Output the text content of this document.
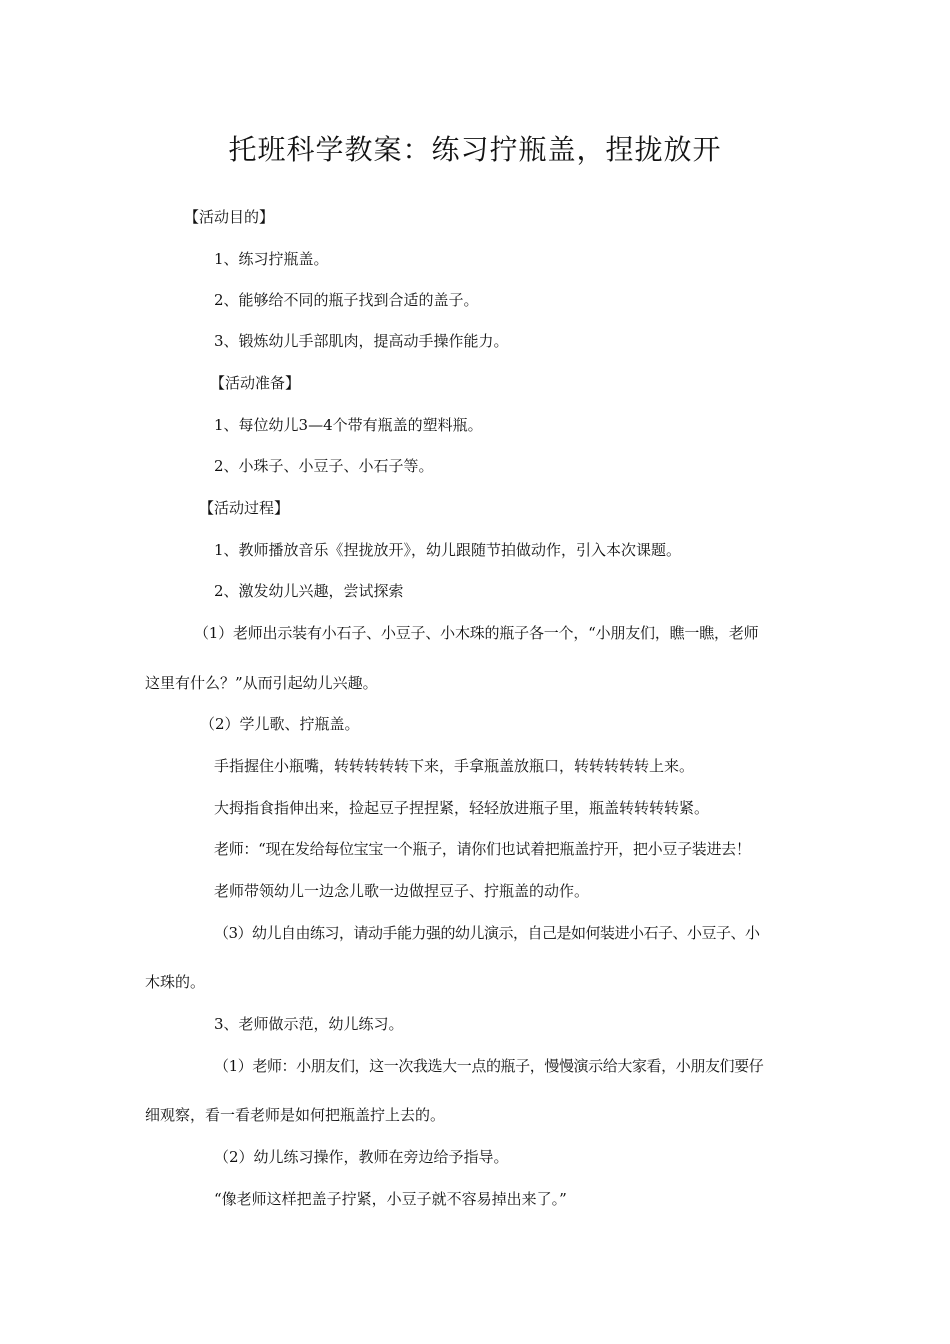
托班科学教案：练习拧瓶盖，捏拢放开
【活动目的】
1、练习拧瓶盖。
2、能够给不同的瓶子找到合适的盖子。
3、锻炼幼儿手部肌肉，提高动手操作能力。
【活动准备】
1、每位幼儿3—4个带有瓶盖的塑料瓶。
2、小珠子、小豆子、小石子等。
【活动过程】
1、教师播放音乐《捏拢放开》，幼儿跟随节拍做动作，引入本次课题。
2、激发幼儿兴趣，尝试探索
（1）老师出示装有小石子、小豆子、小木珠的瓶子各一个，“小朋友们，瞧一瞧，老师
这里有什么？”从而引起幼儿兴趣。
（2）学儿歌、拧瓶盖。
手指握住小瓶嘴，转转转转转下来，手拿瓶盖放瓶口，转转转转转上来。
大拇指食指伸出来，捡起豆子捏捏紧，轻轻放进瓶子里，瓶盖转转转转紧。
老师：“现在发给每位宝宝一个瓶子，请你们也试着把瓶盖拧开，把小豆子装进去！
老师带领幼儿一边念儿歌一边做捏豆子、拧瓶盖的动作。
（3）幼儿自由练习，请动手能力强的幼儿演示，自己是如何装进小石子、小豆子、小
木珠的。
3、老师做示范，幼儿练习。
（1）老师：小朋友们，这一次我选大一点的瓶子，慢慢演示给大家看，小朋友们要仔
细观察，看一看老师是如何把瓶盖拧上去的。
（2）幼儿练习操作，教师在旁边给予指导。
“像老师这样把盖子拧紧，小豆子就不容易掉出来了。”
